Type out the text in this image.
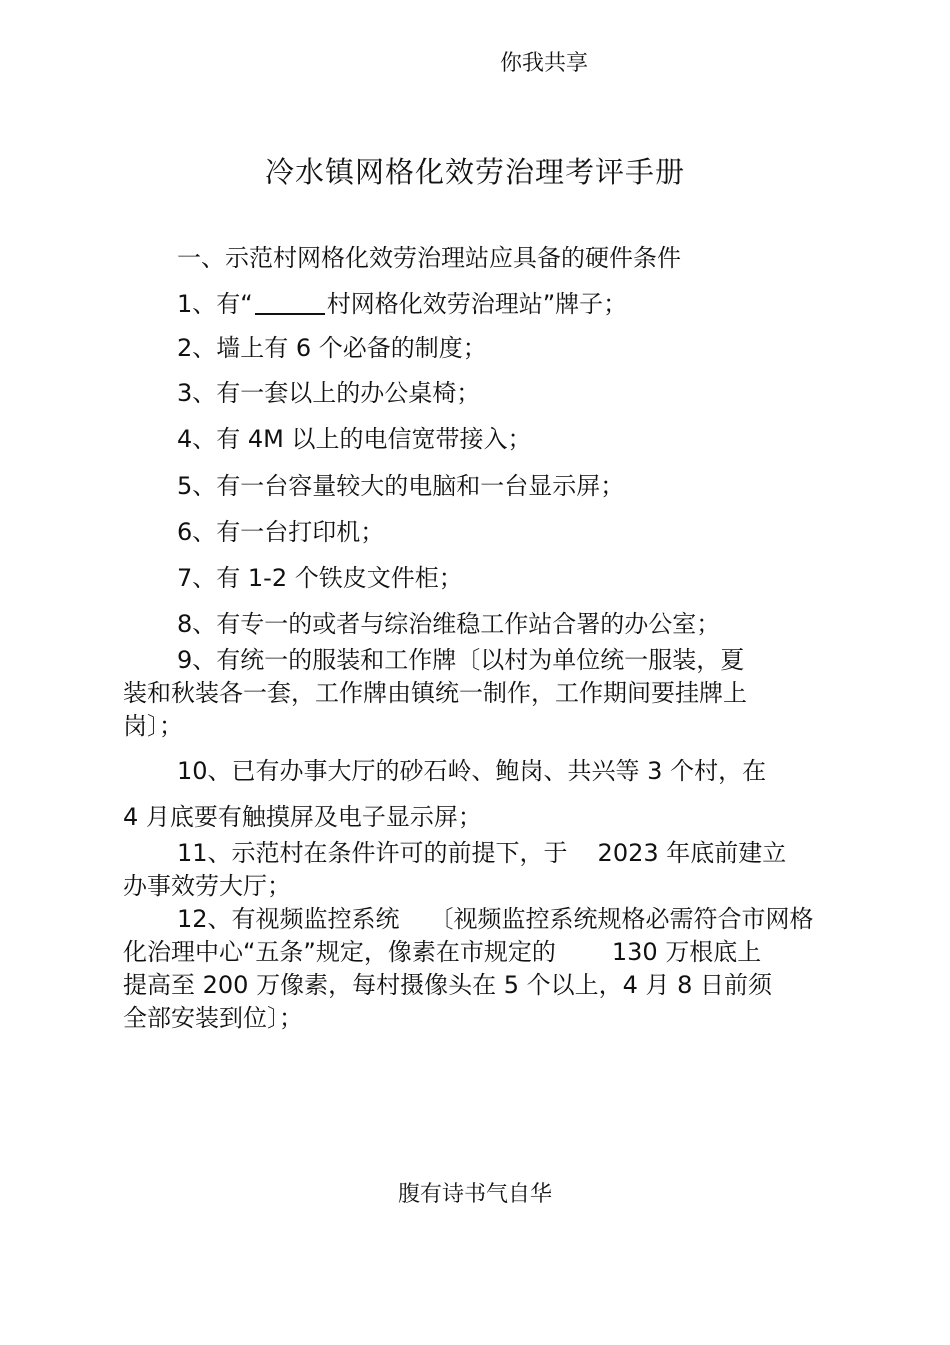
你我共享
冷水镇网格化效劳治理考评手册
一、示范村网格化效劳治理站应具备的硬件条件
1、有“	村网格化效劳治理站”牌子；
2、墙上有 6 个必备的制度；
3、有一套以上的办公桌椅；
4、有 4M 以上的电信宽带接入；
5、有一台容量较大的电脑和一台显示屏；
6、有一台打印机；
7、有 1-2 个铁皮文件柜；
8、有专一的或者与综治维稳工作站合署的办公室；
9、有统一的服装和工作牌〔以村为单位统一服装，夏
装和秋装各一套，工作牌由镇统一制作，工作期间要挂牌上
岗〕；
10、已有办事大厅的砂石岭、鲍岗、共兴等 3 个村，在
4 月底要有触摸屏及电子显示屏；
11、示范村在条件许可的前提下，于 2023 年底前建立
办事效劳大厅；
12、有视频监控系统 〔视频监控系统规格必需符合市网格
化治理中心“五条”规定，像素在市规定的 130 万根底上
提高至 200 万像素，每村摄像头在 5 个以上，4 月 8 日前须
全部安装到位〕；
腹有诗书气自华
